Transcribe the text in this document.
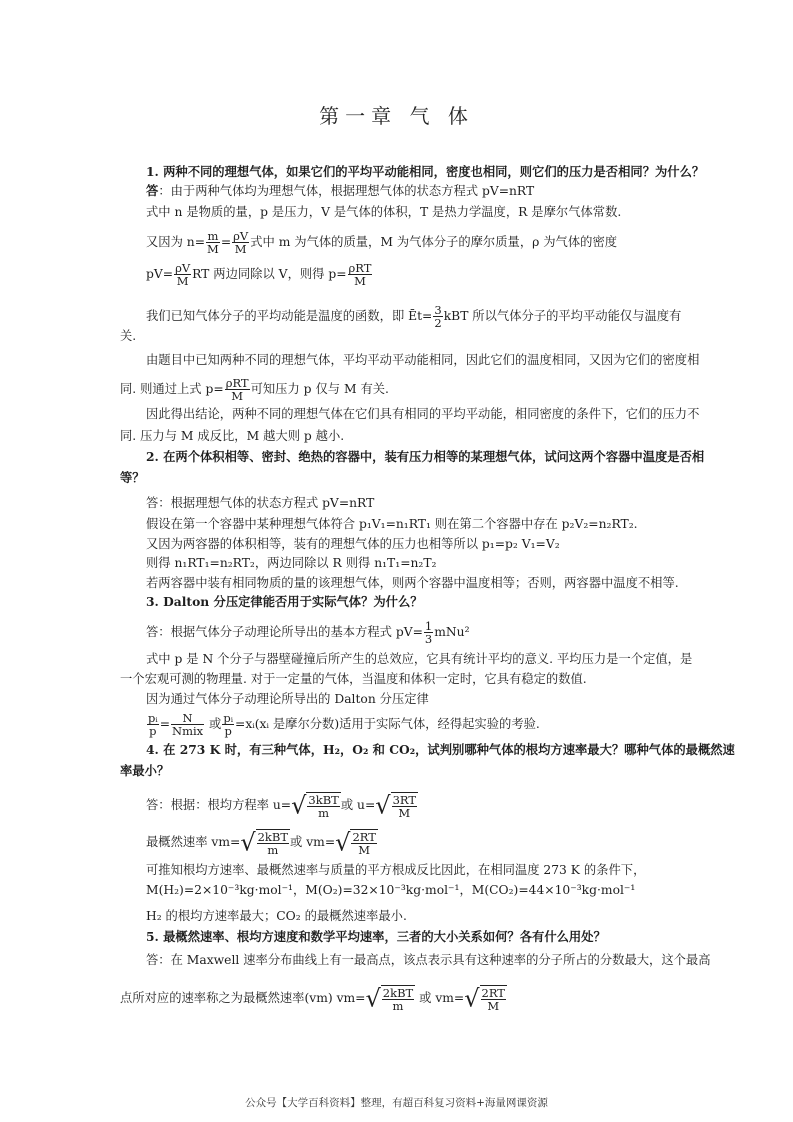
第一章 气 体
1. 两种不同的理想气体，如果它们的平均平动能相同，密度也相同，则它们的压力是否相同？为什么？
答：由于两种气体均为理想气体，根据理想气体的状态方程式 pV=nRT
式中 n 是物质的量，p 是压力，V 是气体的体积，T 是热力学温度，R 是摩尔气体常数.
又因为 $n= \frac{m}{M} = \frac{\rho V}{M}$ 式中 m 为气体的质量，M 为气体分子的摩尔质量，ρ 为气体的密度
$pV= \frac{\rho V}{M}$ RT 两边同除以 V，则得 $p= \frac{\text{ρRT}}{M}$
我们已知气体分子的平均动能是温度的函数，即 Ēt= $\frac{3}{2}$ kBT 所以气体分子的平均平动能仅与温度有
关.
由题目中已知两种不同的理想气体，平均平动平动能相同，因此它们的温度相同，又因为它们的密度相
同. 则通过上式 $p= \frac{\text{ρRT}}{M}$ 可知压力 p 仅与 M 有关.
因此得出结论，两种不同的理想气体在它们具有相同的平均平动能，相同密度的条件下，它们的压力不
同. 压力与 M 成反比，M 越大则 p 越小.
2. 在两个体积相等、密封、绝热的容器中，装有压力相等的某理想气体，试问这两个容器中温度是否相
等？
答：根据理想气体的状态方程式 pV=nRT
假设在第一个容器中某种理想气体符合 p₁V₁=n₁RT₁ 则在第二个容器中存在 p₂V₂=n₂RT₂.
又因为两容器的体积相等，装有的理想气体的压力也相等所以 p₁=p₂ V₁=V₂
则得 n₁RT₁=n₂RT₂，两边同除以 R 则得 n₁T₁=n₂T₂
若两容器中装有相同物质的量的该理想气体，则两个容器中温度相等；否则，两容器中温度不相等.
3. Dalton 分压定律能否用于实际气体？为什么？
答：根据气体分子动理论所导出的基本方程式 $pV= \frac{1}{3} mNu^2$
式中 p 是 N 个分子与器壁碰撞后所产生的总效应，它具有统计平均的意义. 平均压力是一个定值，是
一个宏观可测的物理量. 对于一定量的气体，当温度和体积一定时，它具有稳定的数值.
因为通过气体分子动理论所导出的 Dalton 分压定律
$\frac{\text{pᵢ}}{p} = \frac{N}{\text{Nmix}}$ 或 $\frac{\text{pᵢ}}{p}$ =xᵢ(xᵢ 是摩尔分数)适用于实际气体，经得起实验的考验.
4. 在 273 K 时，有三种气体，H₂，O₂ 和 CO₂，试判别哪种气体的根均方速率最大？哪种气体的最概然速
率最小？
答：根据：根均方程率 $u=√ \frac{\text{3kBT}}{m}$ 或 $u=√ \frac{3RT}{M}$
最概然速率 $vm=√ \frac{\text{2kBT}}{m}$ 或 $vm=√ \frac{2RT}{M}$
可推知根均方速率、最概然速率与质量的平方根成反比因此，在相同温度 273 K 的条件下，
M(H₂)=2×10⁻³kg·mol⁻¹，M(O₂)=32×10⁻³kg·mol⁻¹，M(CO₂)=44×10⁻³kg·mol⁻¹
H₂ 的根均方速率最大；CO₂ 的最概然速率最小.
5. 最概然速率、根均方速度和数学平均速率，三者的大小关系如何？各有什么用处？
答：在 Maxwell 速率分布曲线上有一最高点，该点表示具有这种速率的分子所占的分数最大，这个最高
点所对应的速率称之为最概然速率(vm) $vm=√ \frac{\text{2kBT}}{m}$ 或 $vm=√ \frac{2RT}{M}$
公众号【大学百科资料】整理，有超百科复习资料+海量网课资源
